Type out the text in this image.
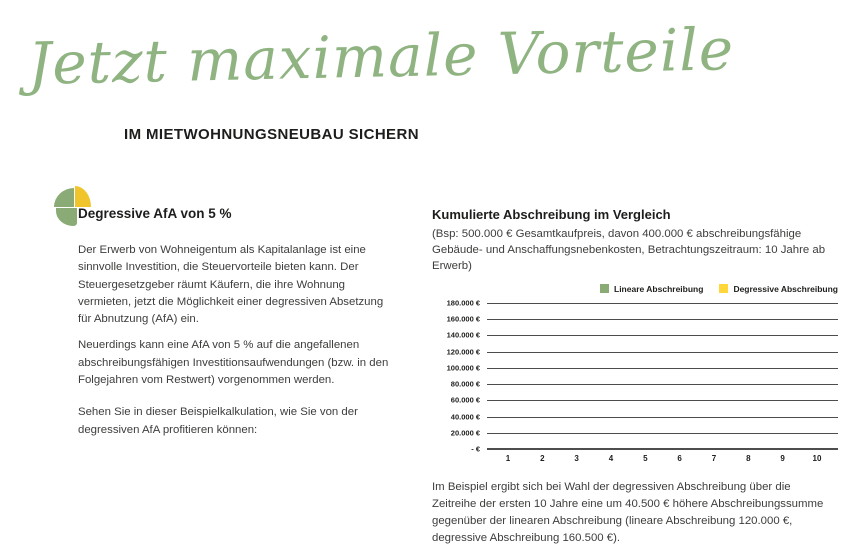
Jetzt maximale Vorteile
IM MIETWOHNUNGSNEUBAU SICHERN
Degressive AfA von 5 %

Der Erwerb von Wohneigentum als Kapitalanlage ist eine sinnvolle Investition, die Steuervorteile bieten kann. Der Steuergesetzgeber räumt Käufern, die ihre Wohnung vermieten, jetzt die Möglichkeit einer degressiven Absetzung für Abnutzung (AfA) ein.

Neuerdings kann eine AfA von 5 % auf die angefallenen abschreibungsfähigen Investitionsaufwendungen (bzw. in den Folgejahren vom Restwert) vorgenommen werden.

Sehen Sie in dieser Beispielkalkulation, wie Sie von der degressiven AfA profitieren können:

Kumulierte Abschreibung im Vergleich

(Bsp: 500.000 € Gesamtkaufpreis, davon 400.000 € abschreibungsfähige Gebäude- und Anschaffungsnebenkosten, Betrachtungszeitraum: 10 Jahre ab Erwerb)

Lineare Abschreibung	Degressive Abschreibung
180.000 €
160.000 €
140.000 €
120.000 €
100.000 €
80.000 €
60.000 €
40.000 €
20.000 €
- €
1	2	3	4	5	6	7	8	9	10

Im Beispiel ergibt sich bei Wahl der degressiven Abschreibung über die Zeitreihe der ersten 10 Jahre eine um 40.500 € höhere Abschreibungssumme gegenüber der linearen Abschreibung (lineare Abschreibung 120.000 €, degressive Abschreibung 160.500 €).
